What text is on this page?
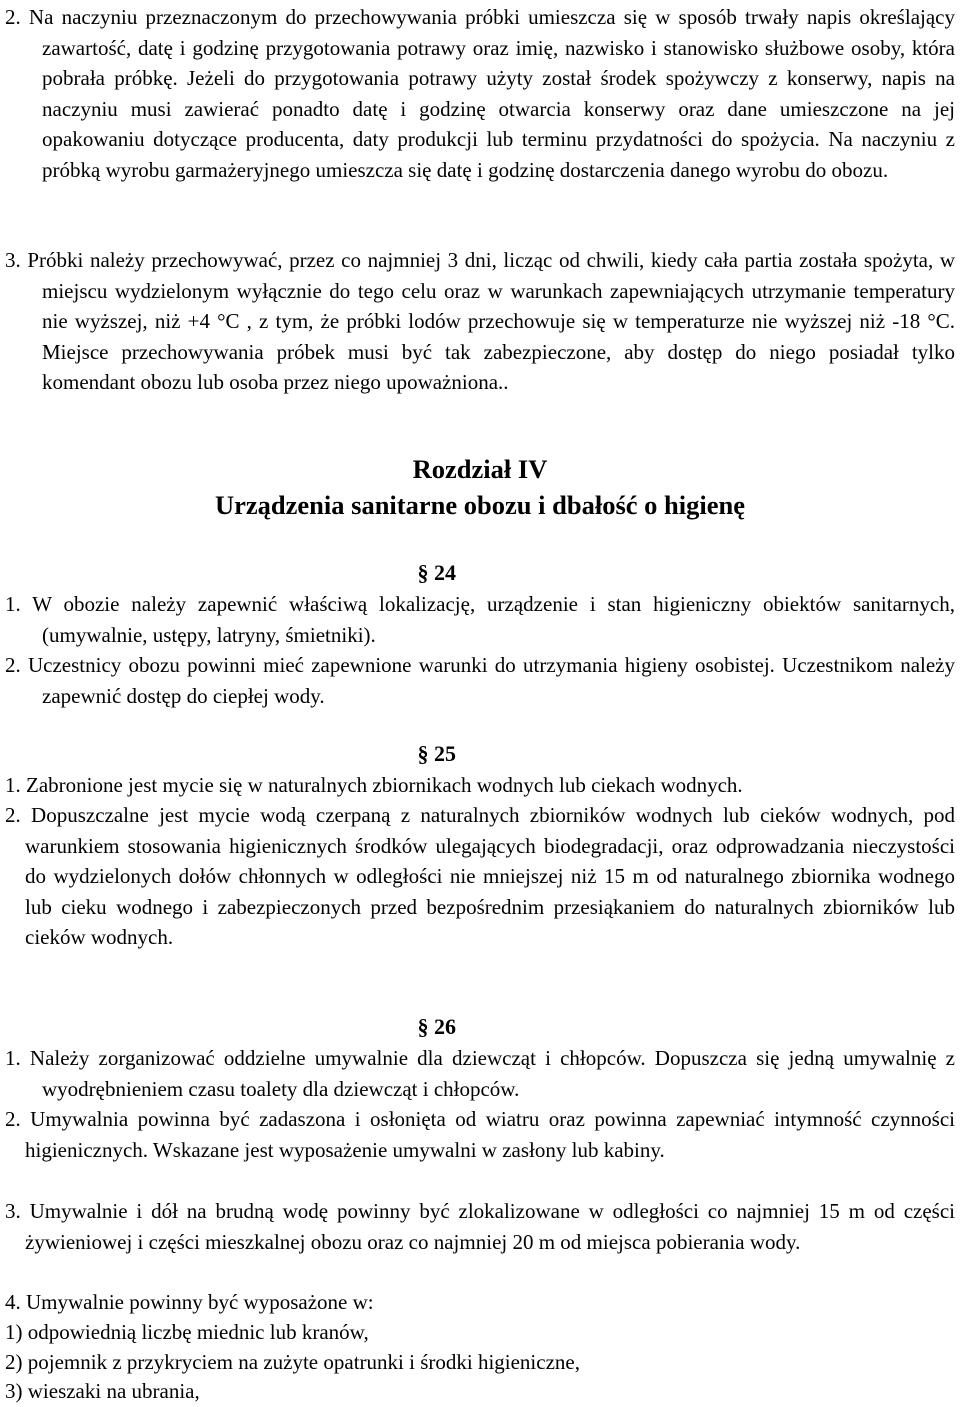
2. Na naczyniu przeznaczonym do przechowywania próbki umieszcza się w sposób trwały napis określający zawartość, datę i godzinę przygotowania potrawy oraz imię, nazwisko i stanowisko służbowe osoby, która pobrała próbkę. Jeżeli do przygotowania potrawy użyty został środek spożywczy z konserwy, napis na naczyniu musi zawierać ponadto datę i godzinę otwarcia konserwy oraz dane umieszczone na jej opakowaniu dotyczące producenta, daty produkcji lub terminu przydatności do spożycia. Na naczyniu z próbką wyrobu garmażeryjnego umieszcza się datę i godzinę dostarczenia danego wyrobu do obozu.
3. Próbki należy przechowywać, przez co najmniej 3 dni, licząc od chwili, kiedy cała partia została spożyta, w miejscu wydzielonym wyłącznie do tego celu oraz w warunkach zapewniających utrzymanie temperatury nie wyższej, niż +4 °C , z tym, że próbki lodów przechowuje się w temperaturze nie wyższej niż -18 °C. Miejsce przechowywania próbek musi być tak zabezpieczone, aby dostęp do niego posiadał tylko komendant obozu lub osoba przez niego upoważniona..
Rozdział IV
Urządzenia sanitarne obozu i dbałość o higienę
§ 24
1. W obozie należy zapewnić właściwą lokalizację, urządzenie i stan higieniczny obiektów sanitarnych, (umywalnie, ustępy, latryny, śmietniki).
2. Uczestnicy obozu powinni mieć zapewnione warunki do utrzymania higieny osobistej. Uczestnikom należy zapewnić dostęp do ciepłej wody.
§ 25
1. Zabronione jest mycie się w naturalnych zbiornikach wodnych lub ciekach wodnych.
2. Dopuszczalne jest mycie wodą czerpaną z naturalnych zbiorników wodnych lub cieków wodnych, pod warunkiem stosowania higienicznych środków ulegających biodegradacji, oraz odprowadzania nieczystości do wydzielonych dołów chłonnych w odległości nie mniejszej niż 15 m od naturalnego zbiornika wodnego lub cieku wodnego i zabezpieczonych przed bezpośrednim przesiąkaniem do naturalnych zbiorników lub cieków wodnych.
§ 26
1. Należy zorganizować oddzielne umywalnie dla dziewcząt i chłopców. Dopuszcza się jedną umywalnię z wyodrębnieniem czasu toalety dla dziewcząt i chłopców.
2. Umywalnia powinna być zadaszona i osłonięta od wiatru oraz powinna zapewniać intymność czynności higienicznych. Wskazane jest wyposażenie umywalni w zasłony lub kabiny.
3. Umywalnie i dół na brudną wodę powinny być zlokalizowane w odległości co najmniej 15 m od części żywieniowej i części mieszkalnej obozu oraz co najmniej 20 m od miejsca pobierania wody.
4. Umywalnie powinny być wyposażone w:
1) odpowiednią liczbę miednic lub kranów,
2) pojemnik z przykryciem na zużyte opatrunki i środki higieniczne,
3) wieszaki na ubrania,
